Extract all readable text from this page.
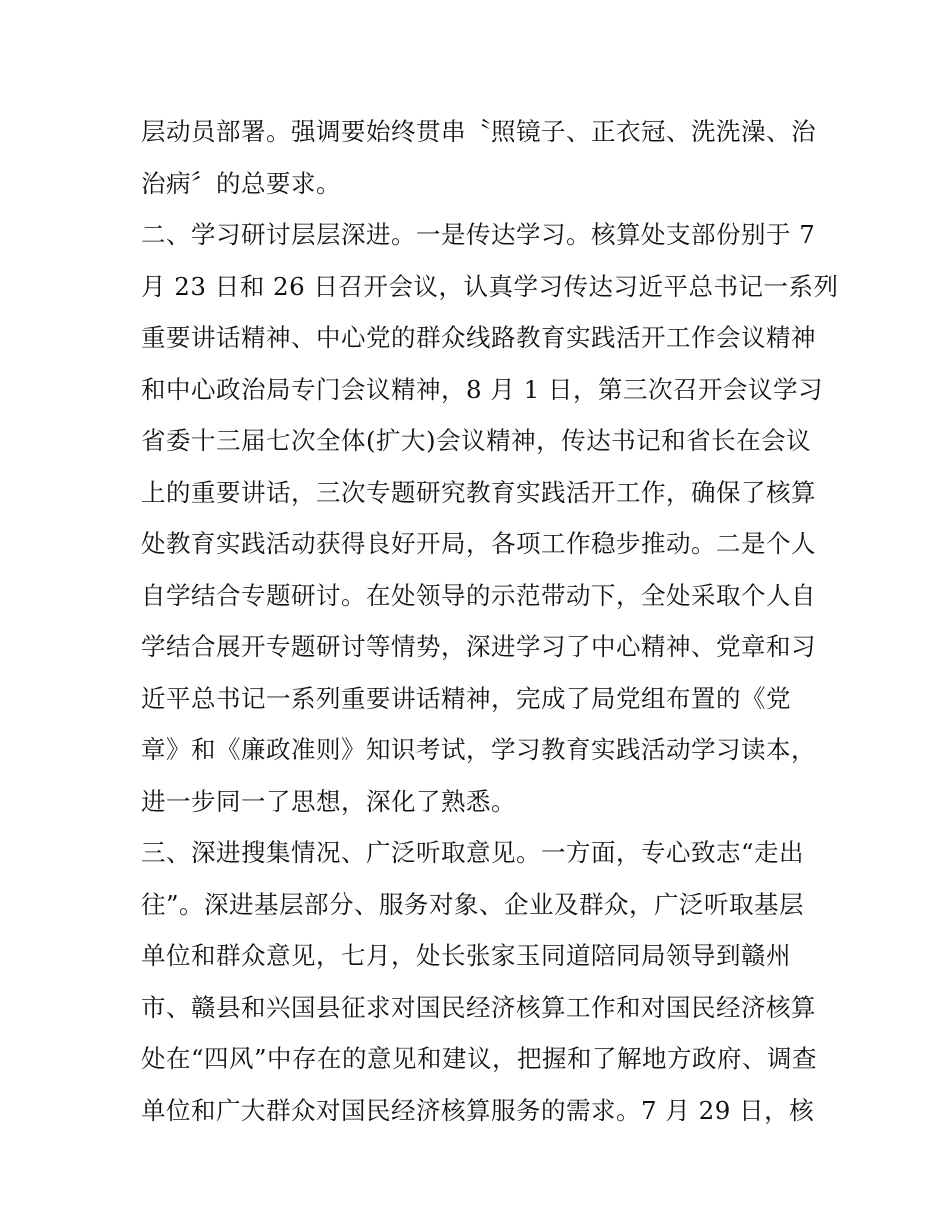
层动员部署。强调要始终贯串〝照镜子、正衣冠、洗洗澡、治
治病〞的总要求。
二、学习研讨层层深进。一是传达学习。核算处支部份别于 7
月 23 日和 26 日召开会议，认真学习传达习近平总书记一系列
重要讲话精神、中心党的群众线路教育实践活开工作会议精神
和中心政治局专门会议精神，8 月 1 日，第三次召开会议学习
省委十三届七次全体(扩大)会议精神，传达书记和省长在会议
上的重要讲话，三次专题研究教育实践活开工作，确保了核算
处教育实践活动获得良好开局，各项工作稳步推动。二是个人
自学结合专题研讨。在处领导的示范带动下，全处采取个人自
学结合展开专题研讨等情势，深进学习了中心精神、党章和习
近平总书记一系列重要讲话精神，完成了局党组布置的《党
章》和《廉政准则》知识考试，学习教育实践活动学习读本，
进一步同一了思想，深化了熟悉。
三、深进搜集情况、广泛听取意见。一方面，专心致志“走出
往”。深进基层部分、服务对象、企业及群众，广泛听取基层
单位和群众意见，七月，处长张家玉同道陪同局领导到赣州
市、赣县和兴国县征求对国民经济核算工作和对国民经济核算
处在“四风”中存在的意见和建议，把握和了解地方政府、调查
单位和广大群众对国民经济核算服务的需求。7 月 29 日，核
